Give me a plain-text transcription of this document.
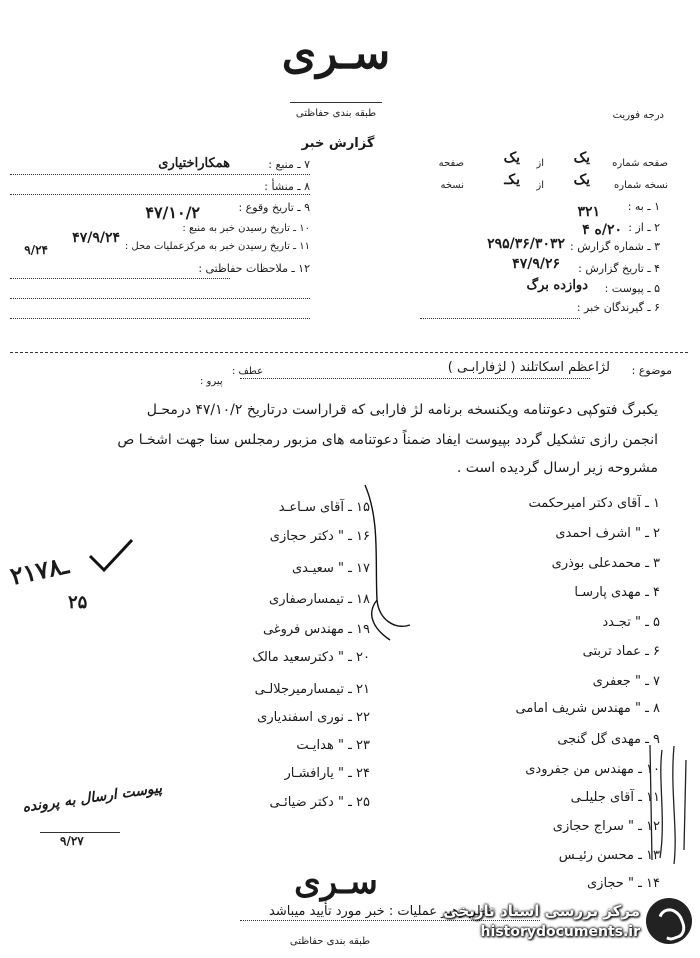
سـرى
طبقه بندی حفاظتی
گزارش خبر
درجه فوریت
۷ ـ منبع :
همکاراختیاری
۸ ـ منشأ :
۹ ـ تاریخ وقوع :
۴۷/۱۰/۲
۱۰ ـ تاریخ رسیدن خبر به منبع :
۴۷/۹/۲۴
۱۱ ـ تاریخ رسیدن خبر به مرکزعملیات محل :
۹/۲۴
۱۲ ـ ملاحظات حفاظتی :
صفحه شماره
یک
از
یک
صفحه
نسخه شماره
یک
از
یکـ
نسخه
۱ ـ به :
۳۲۱
۲ ـ از :
۲۰/ه ۴
۳ ـ شماره گزارش :
۲۹۵/۳۶/۳۰۳۲
۴ ـ تاریخ گزارش :
۴۷/۹/۲۶
۵ ـ پیوست :
دوازده برگ
۶ ـ گیرندگان خبر :
موضوع :
لژاعظم اسکاتلند ( لژفارابـی )
عطف :
پیرو :
یکبرگ فتوکپی دعوتنامه ویکنسخه برنامه لژ فارابی که قراراست درتاریخ ۴۷/۱۰/۲ درمحـل
انجمن رازی تشکیل گردد بپیوست ایفاد ضمناً دعوتنامه های مزبور رمجلس سنا جهت اشخـا ص
مشروحه زیر ارسال گردیده است .
۱ ـ آقای دکتر امیرحکمت
۲ ـ " اشرف احمدی
۳ ـ محمدعلی بوذری
۴ ـ مهدی پارسـا
۵ ـ " تجـدد
۶ ـ عماد تربتی
۷ ـ " جعفری
۸ ـ " مهندس شریف امامی
۹ ـ مهدی گل گنجی
۱۰ ـ مهندس من جفرودی
۱۱ ـ آقای جلیلـی
۱۲ ـ " سراج حجازی
۱۳ ـ محسن رئیـس
۱۴ ـ " حجازی
۱۵ ـ آقای سـاعـد
۱۶ ـ " دکتر حجازی
۱۷ ـ " سعیـدی
۱۸ ـ تیمسارصفاری
۱۹ ـ مهندس فروغی
۲۰ ـ " دکترسعید مالک
۲۱ ـ تیمسارمیرجلالـی
۲۲ ـ نوری اسفندیاری
۲۳ ـ " هدایـت
۲۴ ـ " یارافشـار
۲۵ ـ " دکتر ضیائـی
۲۱۷ـ۸
۲۵
پیوست ارسال به پرونده
۹/۲۷
سـرى
نظر رهبر عملیات : خبر مورد تأیید میباشد
طبقه بندی حفاظتی
مرکز بررسی اسناد تاریخی
historydocuments.ir
